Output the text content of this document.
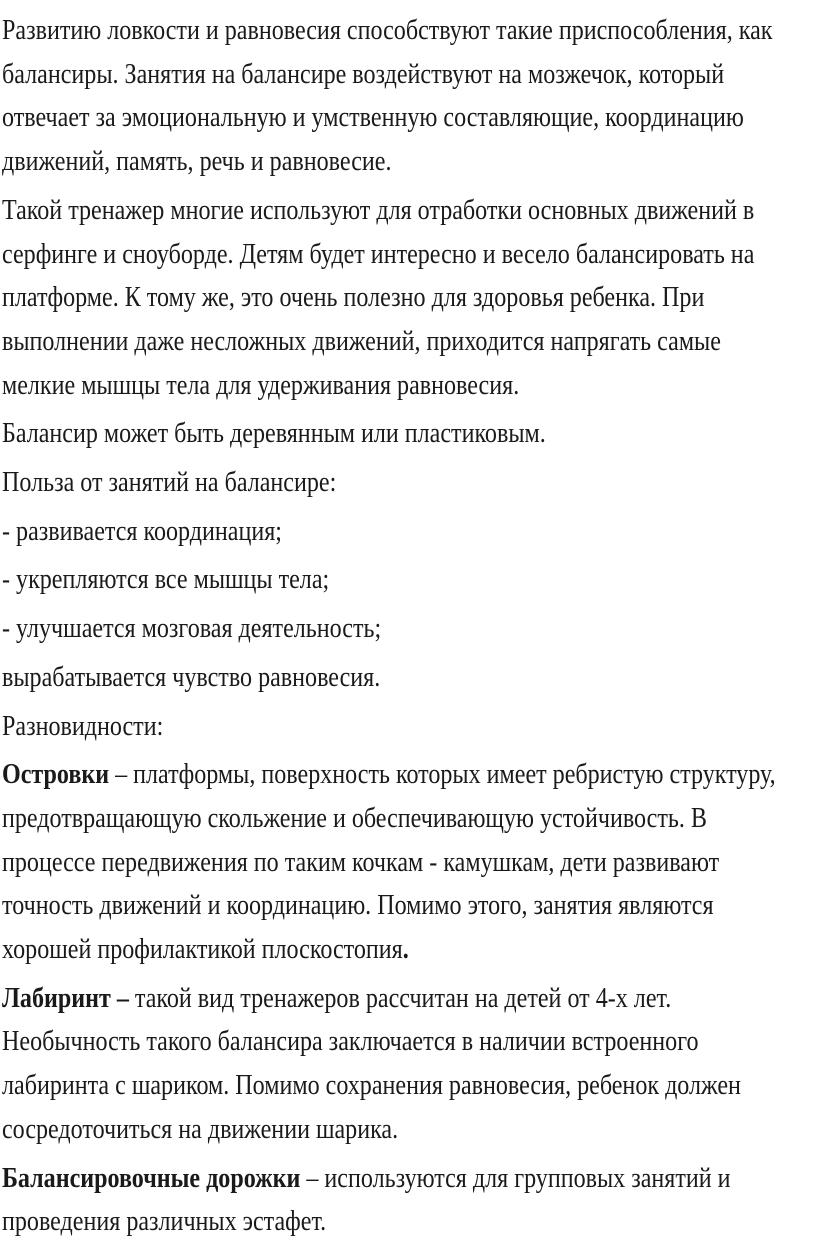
Развитию ловкости и равновесия способствуют такие приспособления, как
балансиры. Занятия на балансире воздействуют на мозжечок, который
отвечает за эмоциональную и умственную составляющие, координацию
движений, память, речь и равновесие.
Такой тренажер многие используют для отработки основных движений в
серфинге и сноуборде. Детям будет интересно и весело балансировать на
платформе. К тому же, это очень полезно для здоровья ребенка. При
выполнении даже несложных движений, приходится напрягать самые
мелкие мышцы тела для удерживания равновесия.
Балансир может быть деревянным или пластиковым.
Польза от занятий на балансире:
- развивается координация;
- укрепляются все мышцы тела;
- улучшается мозговая деятельность;
вырабатывается чувство равновесия.
Разновидности:
Островки – платформы, поверхность которых имеет ребристую структуру,
предотвращающую скольжение и обеспечивающую устойчивость. В
процессе передвижения по таким кочкам - камушкам, дети развивают
точность движений и координацию. Помимо этого, занятия являются
хорошей профилактикой плоскостопия.
Лабиринт – такой вид тренажеров рассчитан на детей от 4-х лет.
Необычность такого балансира заключается в наличии встроенного
лабиринта с шариком. Помимо сохранения равновесия, ребенок должен
сосредоточиться на движении шарика.
Балансировочные дорожки – используются для групповых занятий и
проведения различных эстафет.
